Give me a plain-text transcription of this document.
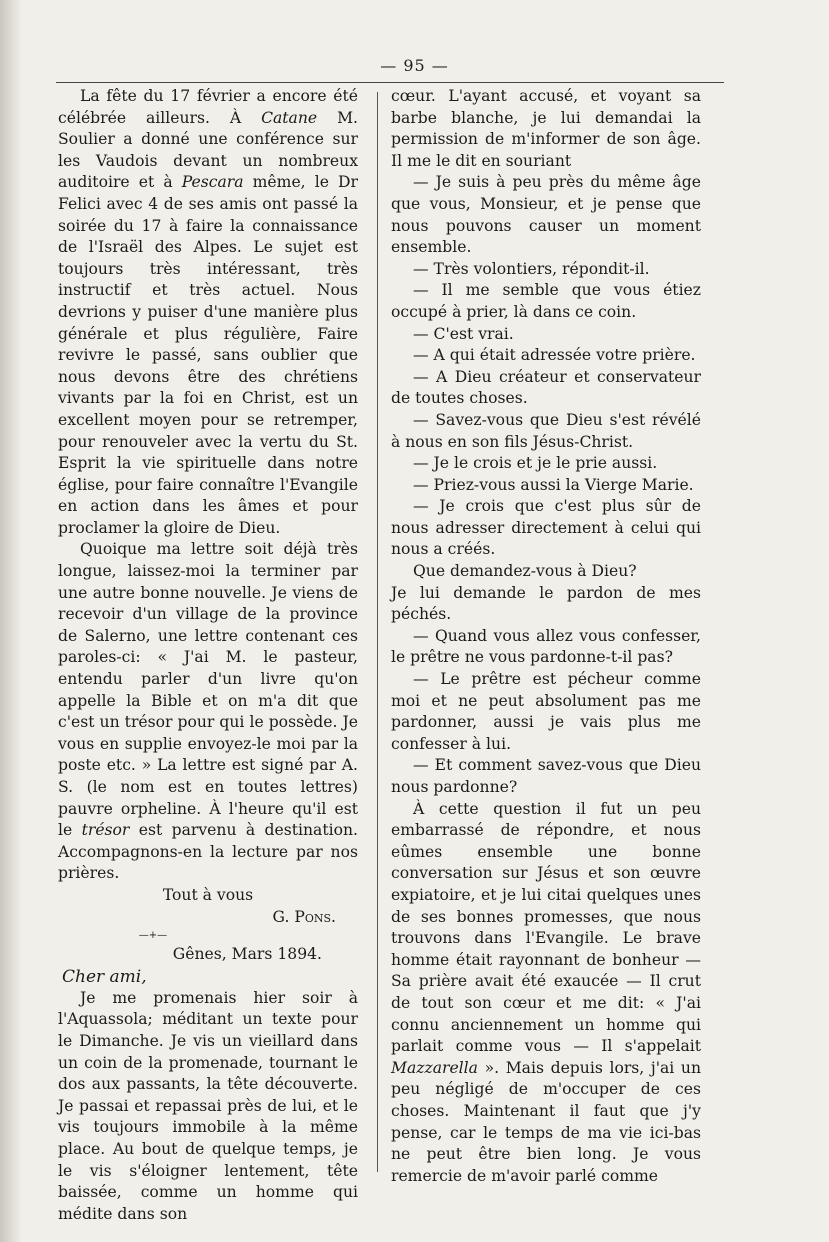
— 95 —

La fête du 17 février a encore été célébrée ailleurs. À Catane M. Soulier a donné une conférence sur les Vaudois devant un nombreux auditoire et à Pescara même, le Dr Felici avec 4 de ses amis ont passé la soirée du 17 à faire la connaissance de l'Israël des Alpes. Le sujet est toujours très intéressant, très instructif et très actuel. Nous devrions y puiser d'une manière plus générale et plus régulière, Faire revivre le passé, sans oublier que nous devons être des chrétiens vivants par la foi en Christ, est un excellent moyen pour se retremper, pour renouveler avec la vertu du St. Esprit la vie spirituelle dans notre église, pour faire connaître l'Evangile en action dans les âmes et pour proclamer la gloire de Dieu.

Quoique ma lettre soit déjà très longue, laissez-moi la terminer par une autre bonne nouvelle. Je viens de recevoir d'un village de la province de Salerno, une lettre contenant ces paroles-ci: « J'ai M. le pasteur, entendu parler d'un livre qu'on appelle la Bible et on m'a dit que c'est un trésor pour qui le possède. Je vous en supplie envoyez-le moi par la poste etc. » La lettre est signé par A. S. (le nom est en toutes lettres) pauvre orpheline. À l'heure qu'il est le trésor est parvenu à destination. Accompagnons-en la lecture par nos prières.

Tout à vous

G. Pons.

—+—

Gênes, Mars 1894.

Cher ami,

Je me promenais hier soir à l'Aquassola; méditant un texte pour le Dimanche. Je vis un vieillard dans un coin de la promenade, tournant le dos aux passants, la tête découverte. Je passai et repassai près de lui, et le vis toujours immobile à la même place. Au bout de quelque temps, je le vis s'éloigner lentement, tête baissée, comme un homme qui médite dans son

cœur. L'ayant accusé, et voyant sa barbe blanche, je lui demandai la permission de m'informer de son âge. Il me le dit en souriant

— Je suis à peu près du même âge que vous, Monsieur, et je pense que nous pouvons causer un moment ensemble.

— Très volontiers, répondit-il.

— Il me semble que vous étiez occupé à prier, là dans ce coin.

— C'est vrai.

— A qui était adressée votre prière.

— A Dieu créateur et conservateur de toutes choses.

— Savez-vous que Dieu s'est révélé à nous en son fils Jésus-Christ.

— Je le crois et je le prie aussi.

— Priez-vous aussi la Vierge Marie.

— Je crois que c'est plus sûr de nous adresser directement à celui qui nous a créés.

Que demandez-vous à Dieu?

Je lui demande le pardon de mes péchés.

— Quand vous allez vous confesser, le prêtre ne vous pardonne-t-il pas?

— Le prêtre est pécheur comme moi et ne peut absolument pas me pardonner, aussi je vais plus me confesser à lui.

— Et comment savez-vous que Dieu nous pardonne?

À cette question il fut un peu embarrassé de répondre, et nous eûmes ensemble une bonne conversation sur Jésus et son œuvre expiatoire, et je lui citai quelques unes de ses bonnes promesses, que nous trouvons dans l'Evangile. Le brave homme était rayonnant de bonheur — Sa prière avait été exaucée — Il crut de tout son cœur et me dit: « J'ai connu anciennement un homme qui parlait comme vous — Il s'appelait Mazzarella ». Mais depuis lors, j'ai un peu négligé de m'occuper de ces choses. Maintenant il faut que j'y pense, car le temps de ma vie ici-bas ne peut être bien long. Je vous remercie de m'avoir parlé comme
